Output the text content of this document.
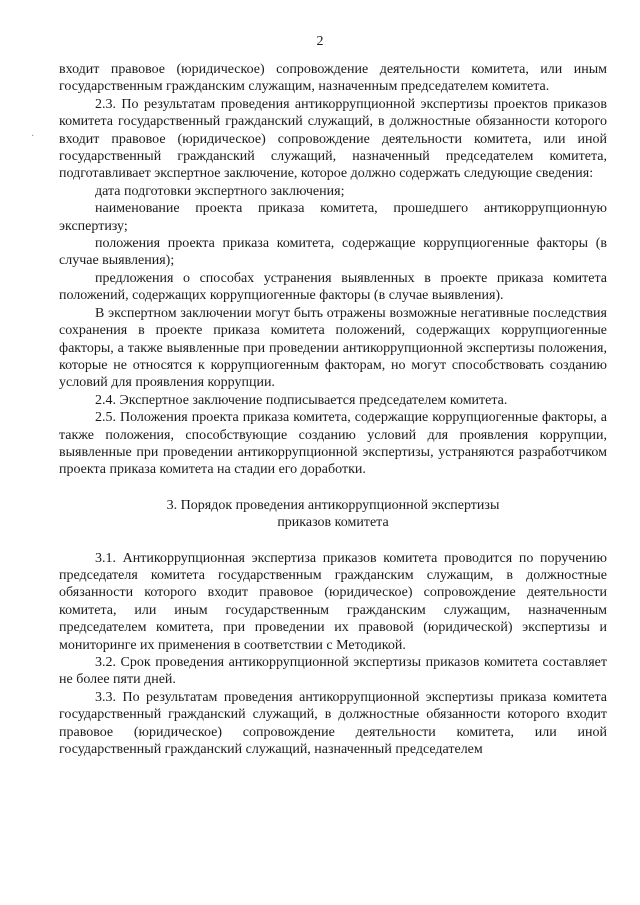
2
·

входит правовое (юридическое) сопровождение деятельности комитета, или иным государственным гражданским служащим, назначенным председателем комитета.

2.3. По результатам проведения антикоррупционной экспертизы проектов приказов комитета государственный гражданский служащий, в должностные обязанности которого входит правовое (юридическое) сопровождение деятельности комитета, или иной государственный гражданский служащий, назначенный председателем комитета, подготавливает экспертное заключение, которое должно содержать следующие сведения:

дата подготовки экспертного заключения;

наименование проекта приказа комитета, прошедшего антикоррупционную экспертизу;

положения проекта приказа комитета, содержащие коррупциогенные факторы (в случае выявления);

предложения о способах устранения выявленных в проекте приказа комитета положений, содержащих коррупциогенные факторы (в случае выявления).

В экспертном заключении могут быть отражены возможные негативные последствия сохранения в проекте приказа комитета положений, содержащих коррупциогенные факторы, а также выявленные при проведении антикоррупционной экспертизы положения, которые не относятся к коррупциогенным факторам, но могут способствовать созданию условий для проявления коррупции.

2.4. Экспертное заключение подписывается председателем комитета.

2.5. Положения проекта приказа комитета, содержащие коррупциогенные факторы, а также положения, способствующие созданию условий для проявления коррупции, выявленные при проведении антикоррупционной экспертизы, устраняются разработчиком проекта приказа комитета на стадии его доработки.

3. Порядок проведения антикоррупционной экспертизы
приказов комитета

3.1. Антикоррупционная экспертиза приказов комитета проводится по поручению председателя комитета государственным гражданским служащим, в должностные обязанности которого входит правовое (юридическое) сопровождение деятельности комитета, или иным государственным гражданским служащим, назначенным председателем комитета, при проведении их правовой (юридической) экспертизы и мониторинге их применения в соответствии с Методикой.

3.2. Срок проведения антикоррупционной экспертизы приказов комитета составляет не более пяти дней.

3.3. По результатам проведения антикоррупционной экспертизы приказа комитета государственный гражданский служащий, в должностные обязанности которого входит правовое (юридическое) сопровождение деятельности комитета, или иной государственный гражданский служащий, назначенный председателем
